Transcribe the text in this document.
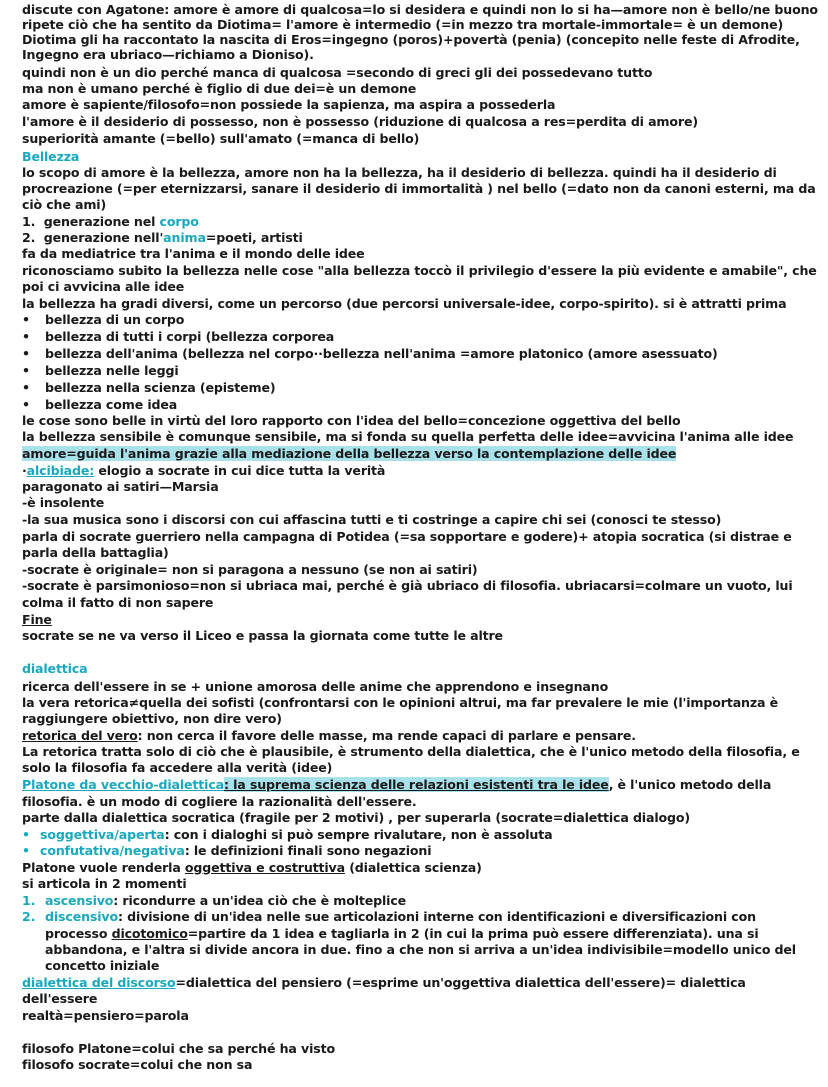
discute con Agatone: amore è amore di qualcosa=lo si desidera e quindi non lo si ha—amore non è bello/ne buono
ripete ciò che ha sentito da Diotima= l'amore è intermedio (=in mezzo tra mortale-immortale= è un demone)
Diotima gli ha raccontato la nascita di Eros=ingegno (poros)+povertà (penia) (concepito nelle feste di Afrodite,
Ingegno era ubriaco—richiamo a Dioniso).
quindi non è un dio perché manca di qualcosa =secondo di greci gli dei possedevano tutto
ma non è umano perché è figlio di due dei=è un demone
amore è sapiente/filosofo=non possiede la sapienza, ma aspira a possederla
l'amore è il desiderio di possesso, non è possesso (riduzione di qualcosa a res=perdita di amore)
superiorità amante (=bello) sull'amato (=manca di bello)
Bellezza
lo scopo di amore è la bellezza, amore non ha la bellezza, ha il desiderio di bellezza. quindi ha il desiderio di
procreazione (=per eternizzarsi, sanare il desiderio di immortalità ) nel bello (=dato non da canoni esterni, ma da
ciò che ami)
1. generazione nel corpo
2. generazione nell'anima=poeti, artisti
fa da mediatrice tra l'anima e il mondo delle idee
riconosciamo subito la bellezza nelle cose "alla bellezza toccò il privilegio d'essere la più evidente e amabile", che
poi ci avvicina alle idee
la bellezza ha gradi diversi, come un percorso (due percorsi universale-idee, corpo-spirito). si è attratti prima
• bellezza di un corpo
• bellezza di tutti i corpi (bellezza corporea
• bellezza dell'anima (bellezza nel corpo··bellezza nell'anima =amore platonico (amore asessuato)
• bellezza nelle leggi
• bellezza nella scienza (episteme)
• bellezza come idea
le cose sono belle in virtù del loro rapporto con l'idea del bello=concezione oggettiva del bello
la bellezza sensibile è comunque sensibile, ma si fonda su quella perfetta delle idee=avvicina l'anima alle idee
amore=guida l'anima grazie alla mediazione della bellezza verso la contemplazione delle idee
·alcibiade: elogio a socrate in cui dice tutta la verità
paragonato ai satiri—Marsia
-è insolente
-la sua musica sono i discorsi con cui affascina tutti e ti costringe a capire chi sei (conosci te stesso)
parla di socrate guerriero nella campagna di Potidea (=sa sopportare e godere)+ atopia socratica (si distrae e
parla della battaglia)
-socrate è originale= non si paragona a nessuno (se non ai satiri)
-socrate è parsimonioso=non si ubriaca mai, perché è già ubriaco di filosofia. ubriacarsi=colmare un vuoto, lui
colma il fatto di non sapere
Fine
socrate se ne va verso il Liceo e passa la giornata come tutte le altre
dialettica
ricerca dell'essere in se + unione amorosa delle anime che apprendono e insegnano
la vera retorica≠quella dei sofisti (confrontarsi con le opinioni altrui, ma far prevalere le mie (l'importanza è
raggiungere obiettivo, non dire vero)
retorica del vero: non cerca il favore delle masse, ma rende capaci di parlare e pensare.
La retorica tratta solo di ciò che è plausibile, è strumento della dialettica, che è l'unico metodo della filosofia, e
solo la filosofia fa accedere alla verità (idee)
Platone da vecchio-dialettica: la suprema scienza delle relazioni esistenti tra le idee, è l'unico metodo della
filosofia. è un modo di cogliere la razionalità dell'essere.
parte dalla dialettica socratica (fragile per 2 motivi) , per superarla (socrate=dialettica dialogo)
• soggettiva/aperta: con i dialoghi si può sempre rivalutare, non è assoluta
• confutativa/negativa: le definizioni finali sono negazioni
Platone vuole renderla oggettiva e costruttiva (dialettica scienza)
si articola in 2 momenti
1. ascensivo: ricondurre a un'idea ciò che è molteplice
2. discensivo: divisione di un'idea nelle sue articolazioni interne con identificazioni e diversificazioni con
processo dicotomico=partire da 1 idea e tagliarla in 2 (in cui la prima può essere differenziata). una si
abbandona, e l'altra si divide ancora in due. fino a che non si arriva a un'idea indivisibile=modello unico del
concetto iniziale
dialettica del discorso=dialettica del pensiero (=esprime un'oggettiva dialettica dell'essere)= dialettica
dell'essere
realtà=pensiero=parola
filosofo Platone=colui che sa perché ha visto
filosofo socrate=colui che non sa
